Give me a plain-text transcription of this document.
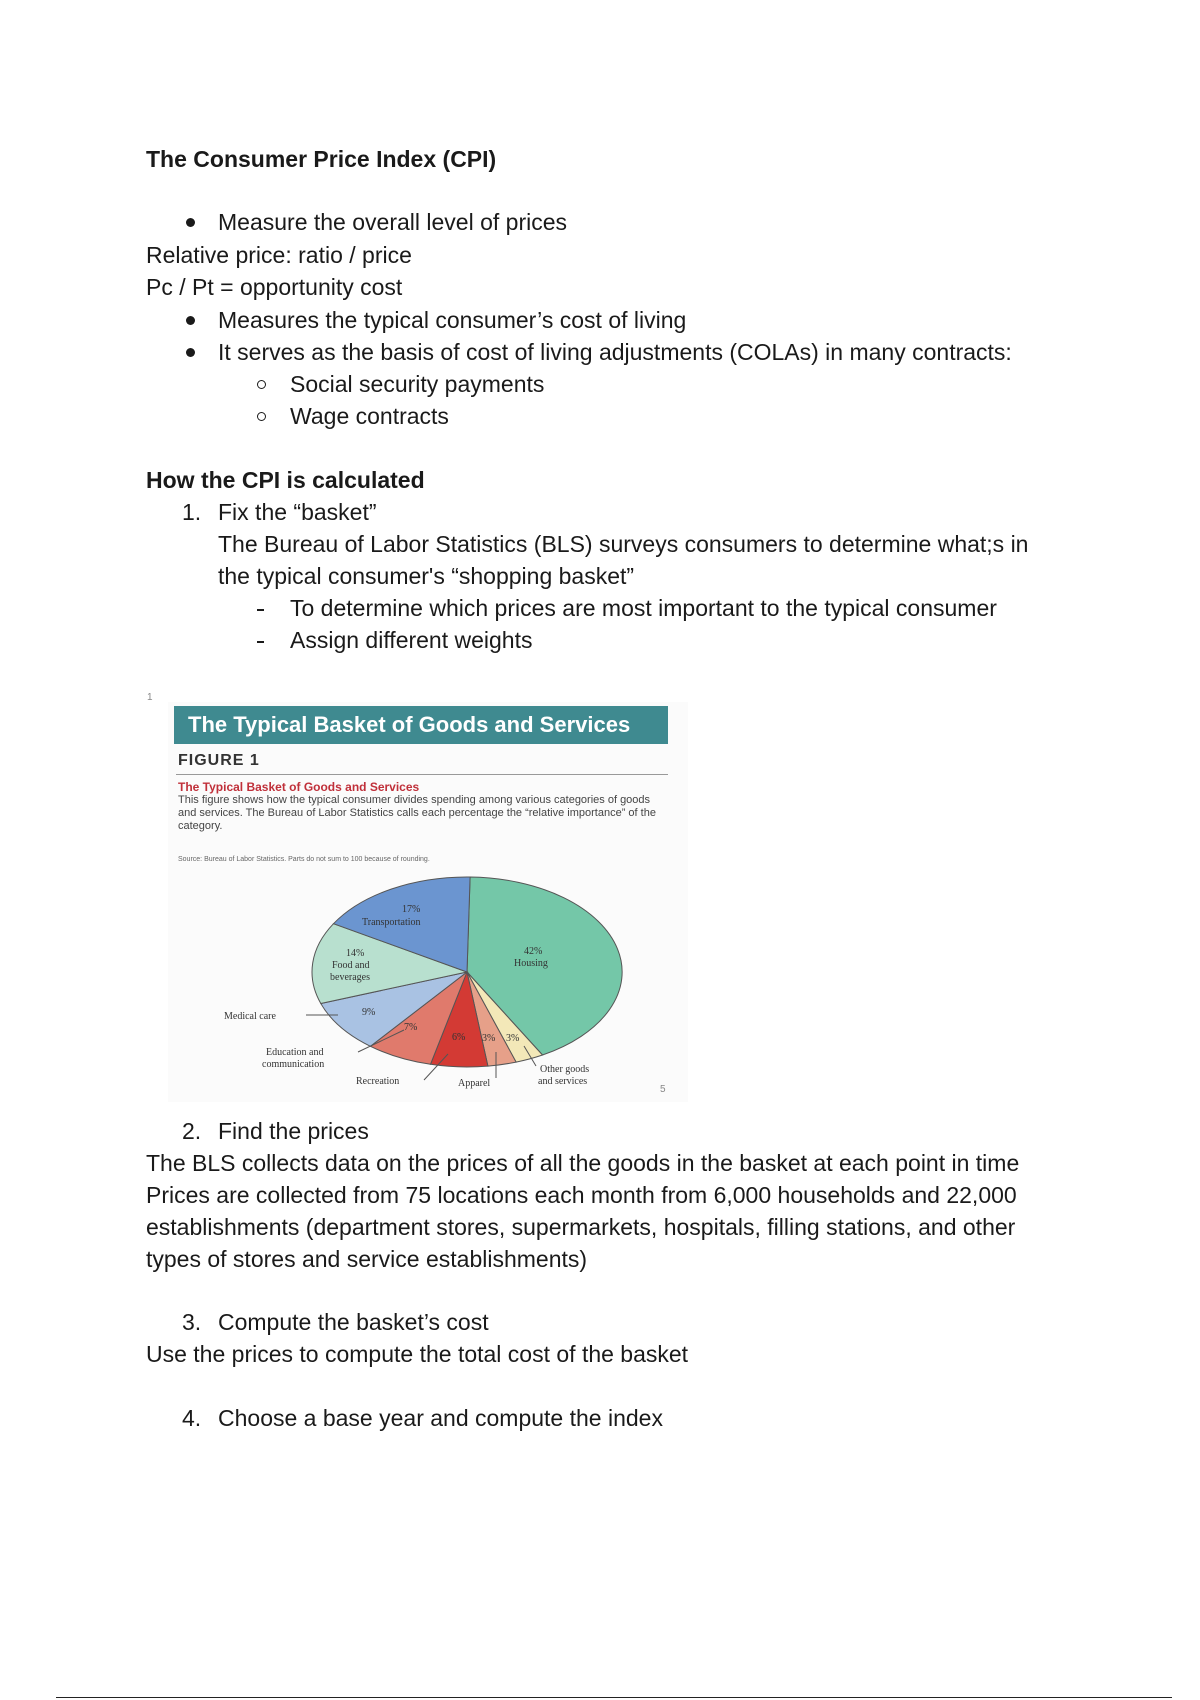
The Consumer Price Index (CPI)
Measure the overall level of prices
Relative price: ratio / price
Pc / Pt = opportunity cost
Measures the typical consumer’s cost of living
It serves as the basis of cost of living adjustments (COLAs) in many contracts:
Social security payments
Wage contracts
How the CPI is calculated
1. Fix the “basket”
The Bureau of Labor Statistics (BLS) surveys consumers to determine what;s in
the typical consumer's “shopping basket”
To determine which prices are most important to the typical consumer
Assign different weights
1
The Typical Basket of Goods and Services
FIGURE 1
The Typical Basket of Goods and Services
This figure shows how the typical consumer divides spending among various categories of goods and services. The Bureau of Labor Statistics calls each percentage the “relative importance” of the category.
Source: Bureau of Labor Statistics. Parts do not sum to 100 because of rounding.
5
17%
Transportation
14%
Food and
beverages
42%
Housing
9%
7%
6% 3% 3%
Medical care
Education and
communication
Recreation	Apparel
Other goods
and services
2. Find the prices
The BLS collects data on the prices of all the goods in the basket at each point in time
Prices are collected from 75 locations each month from 6,000 households and 22,000
establishments (department stores, supermarkets, hospitals, filling stations, and other
types of stores and service establishments)
3. Compute the basket’s cost
Use the prices to compute the total cost of the basket
4. Choose a base year and compute the index
